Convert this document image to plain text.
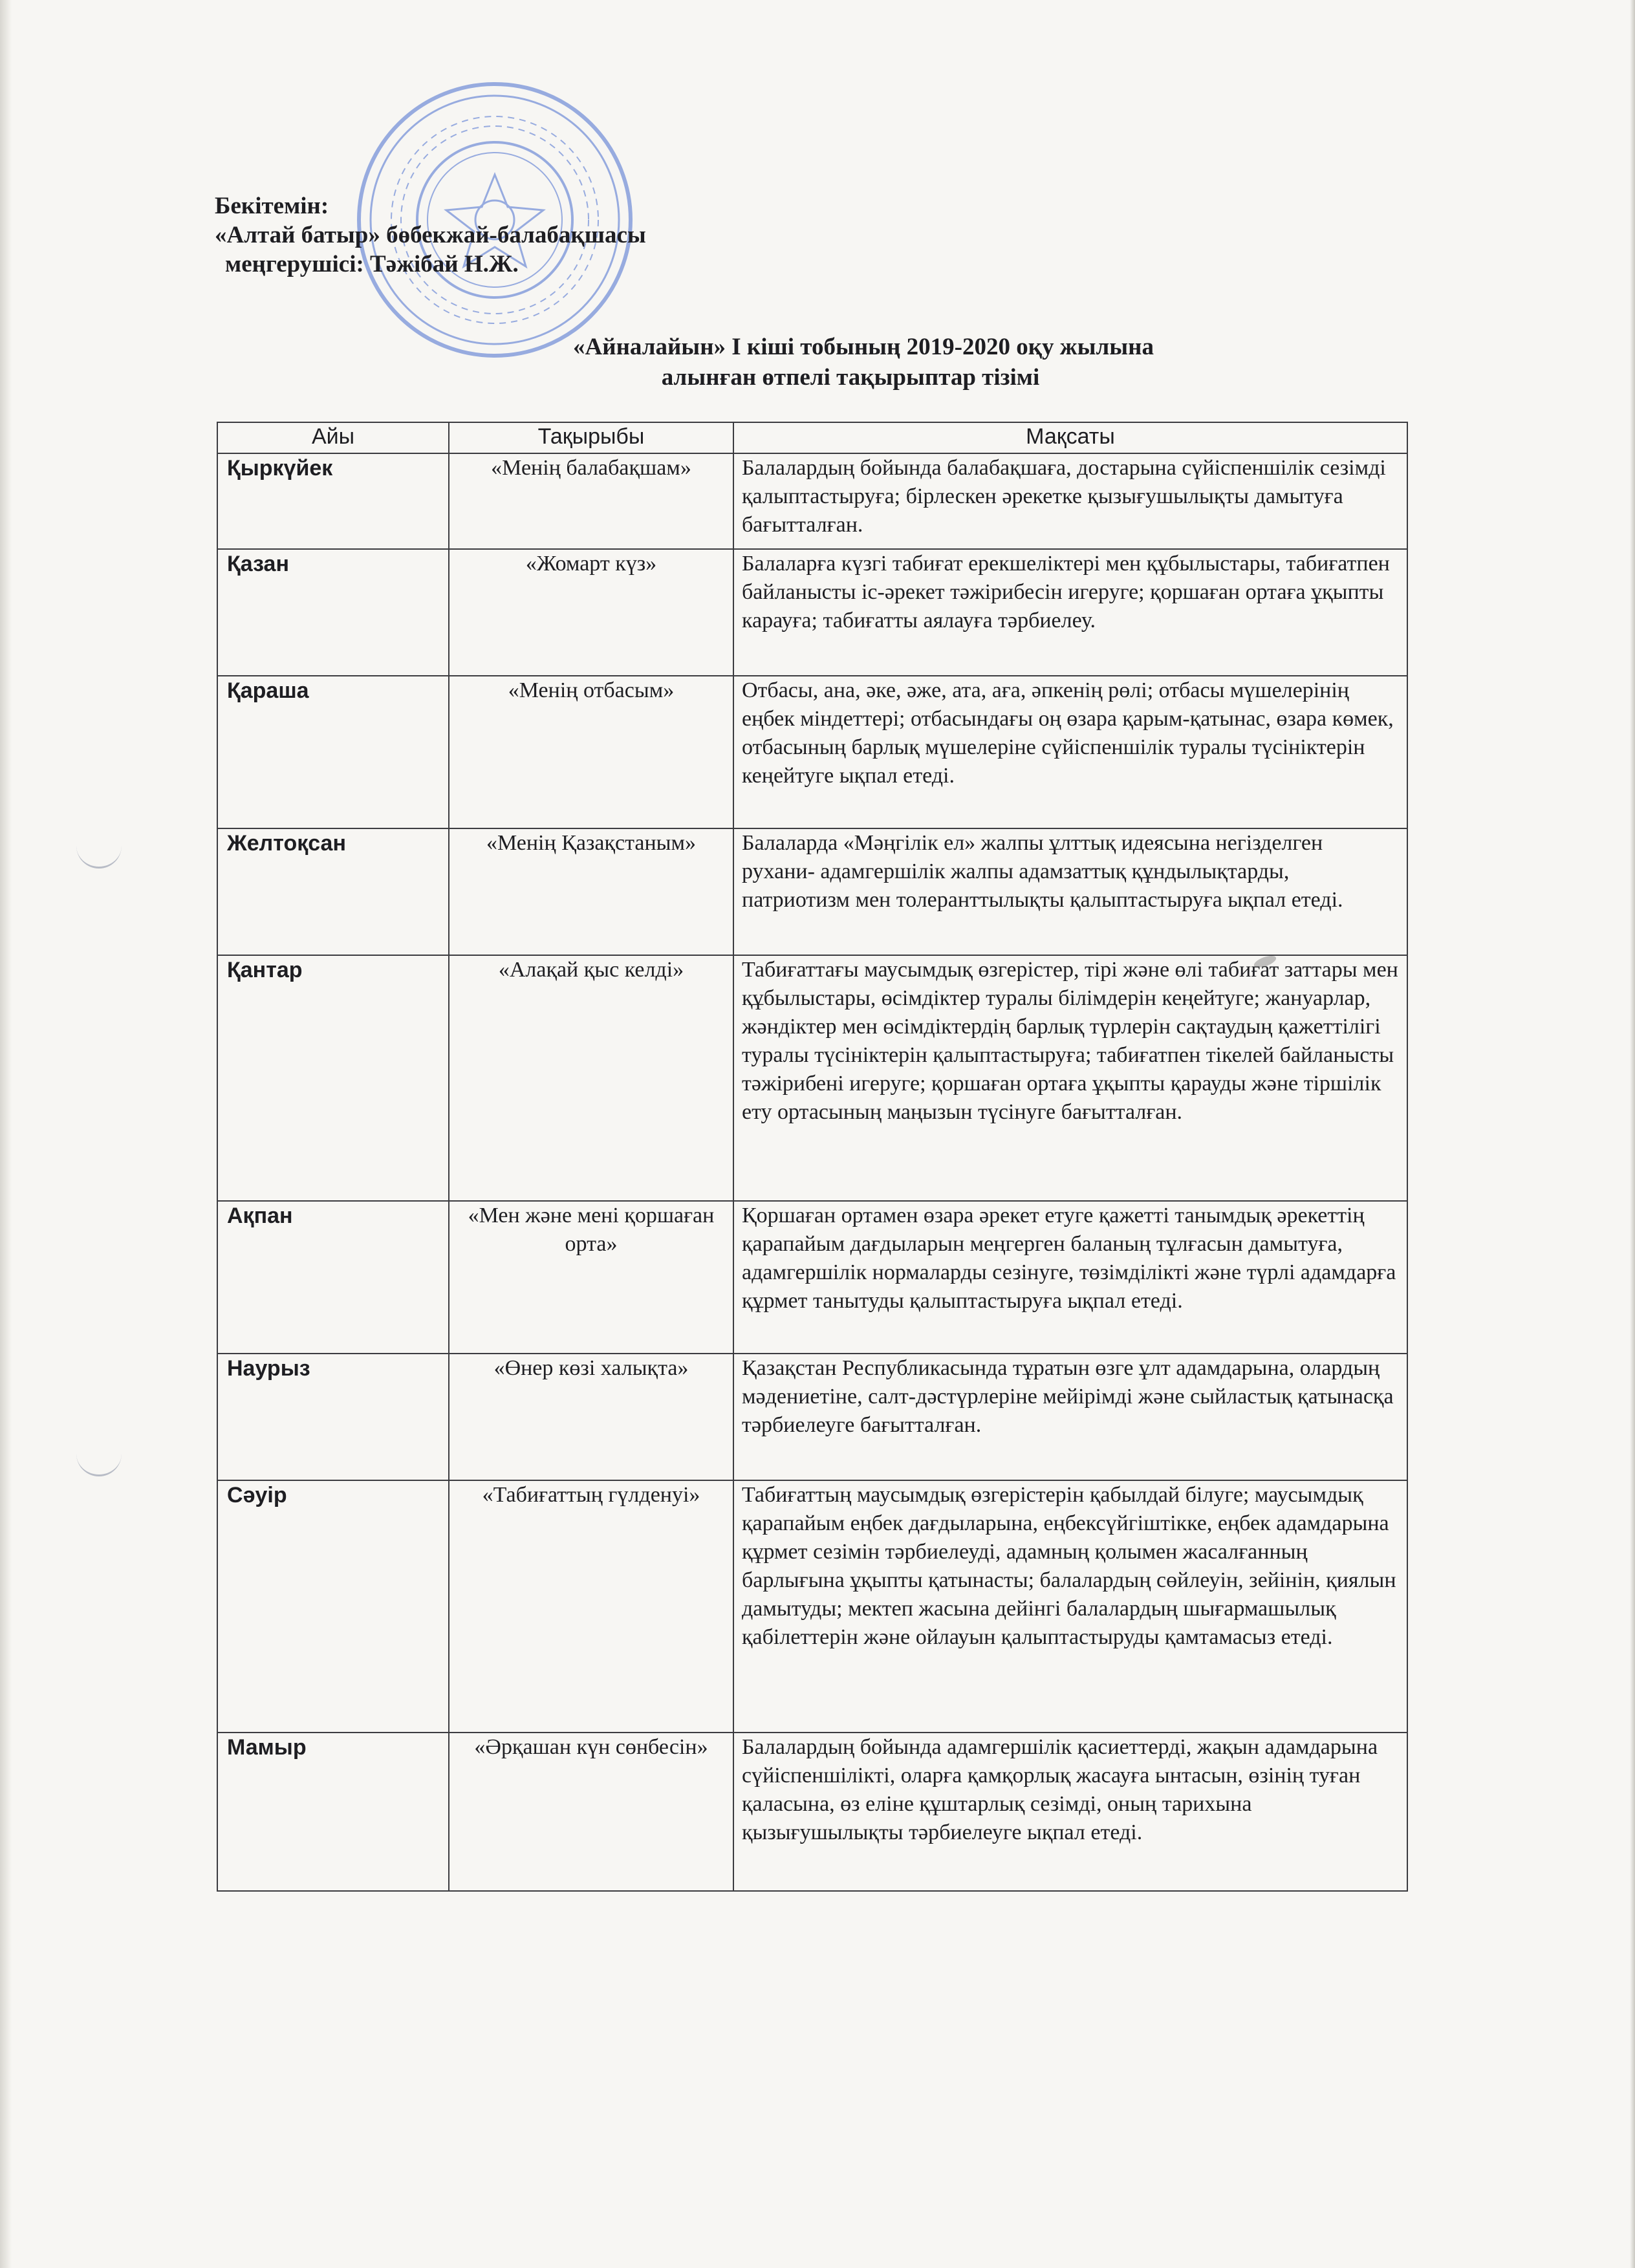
Бекітемін:
«Алтай батыр» бөбекжай-балабақшасы
меңгерушісі: Тәжібай Н.Ж.
«Айналайын» І кіші тобының 2019-2020 оқу жылына
алынған өтпелі тақырыптар тізімі
Айы	Тақырыбы	Мақсаты
Қыркүйек	«Менің балабақшам»	Балалардың бойында балабақшаға, достарына сүйіспеншілік сезімді қалыптастыруға; бірлескен әрекетке қызығушылықты дамытуға бағытталған.
Қазан	«Жомарт күз»	Балаларға күзгі табиғат ерекшеліктері мен құбылыстары, табиғатпен байланысты іс-әрекет тәжірибесін игеруге; қоршаған ортаға ұқыпты карауға; табиғатты аялауға тәрбиелеу.
Қараша	«Менің отбасым»	Отбасы, ана, әке, әже, ата, аға, әпкенің рөлі; отбасы мүшелерінің еңбек міндеттері; отбасындағы оң өзара қарым-қатынас, өзара көмек, отбасының барлық мүшелеріне сүйіспеншілік туралы түсініктерін кеңейтуге ықпал етеді.
Желтоқсан	«Менің Қазақстаным»	Балаларда «Мәңгілік ел» жалпы ұлттық идеясына негізделген рухани- адамгершілік жалпы адамзаттық құндылықтарды, патриотизм мен толеранттылықты қалыптастыруға ықпал етеді.
Қантар	«Алақай қыс келді»	Табиғаттағы маусымдық өзгерістер, тірі және өлі табиғат заттары мен құбылыстары, өсімдіктер туралы білімдерін кеңейтуге; жануарлар, жәндіктер мен өсімдіктердің барлық түрлерін сақтаудың қажеттілігі туралы түсініктерін қалыптастыруға; табиғатпен тікелей байланысты тәжірибені игеруге; қоршаған ортаға ұқыпты қарауды және тіршілік ету ортасының маңызын түсінуге бағытталған.
Ақпан	«Мен және мені қоршаған орта»	Қоршаған ортамен өзара әрекет етуге қажетті танымдық әрекеттің қарапайым дағдыларын меңгерген баланың тұлғасын дамытуға, адамгершілік нормаларды сезінуге, төзімділікті және түрлі адамдарға құрмет танытуды қалыптастыруға ықпал етеді.
Наурыз	«Өнер көзі халықта»	Қазақстан Республикасында тұратын өзге ұлт адамдарына, олардың мәдениетіне, салт-дәстүрлеріне мейірімді және сыйластық қатынасқа тәрбиелеуге бағытталған.
Сәуір	«Табиғаттың гүлденуі»	Табиғаттың маусымдық өзгерістерін қабылдай білуге; маусымдық қарапайым еңбек дағдыларына, еңбексүйгіштікке, еңбек адамдарына құрмет сезімін тәрбиелеуді, адамның қолымен жасалғанның барлығына ұқыпты қатынасты; балалардың сөйлеуін, зейінін, қиялын дамытуды; мектеп жасына дейінгі балалардың шығармашылық қабілеттерін және ойлауын қалыптастыруды қамтамасыз етеді.
Мамыр	«Әрқашан күн сөнбесін»	Балалардың бойында адамгершілік қасиеттерді, жақын адамдарына сүйіспеншілікті, оларға қамқорлық жасауға ынтасын, өзінің туған қаласына, өз еліне құштарлық сезімді, оның тарихына қызығушылықты тәрбиелеуге ықпал етеді.
